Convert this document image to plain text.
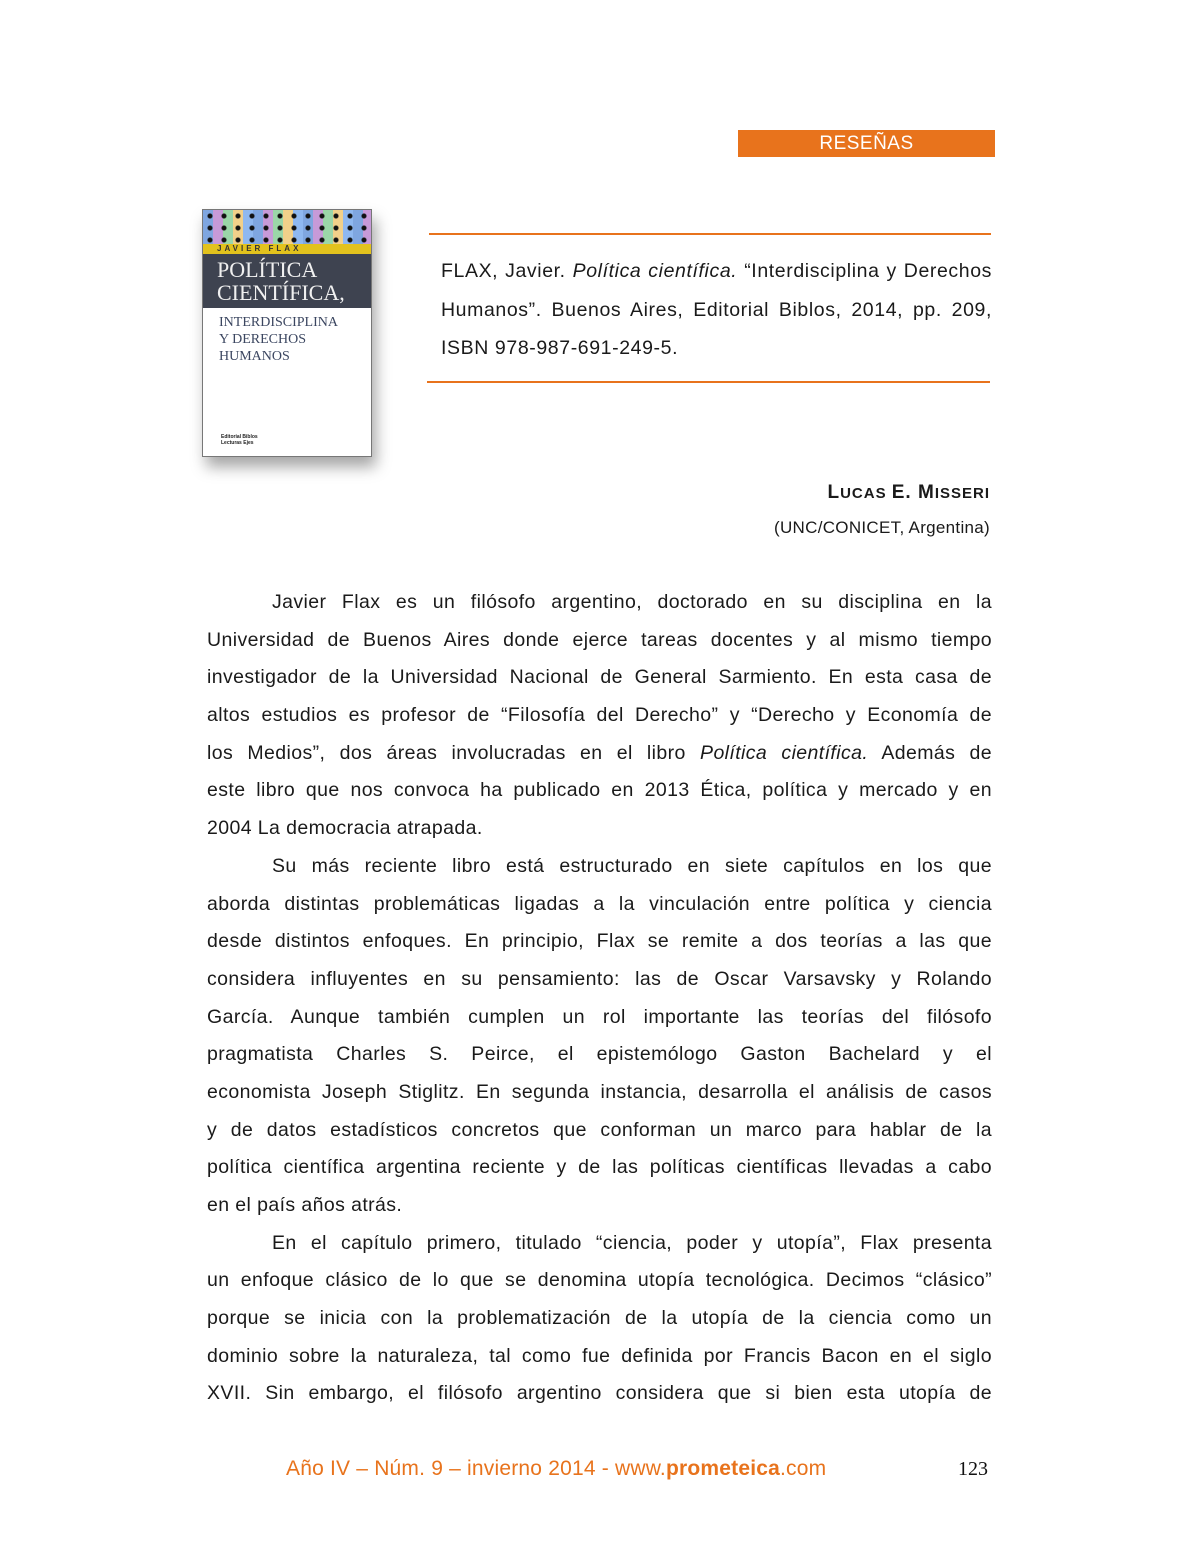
RESEÑAS
JAVIER FLAX
POLÍTICA
CIENTÍFICA,
INTERDISCIPLINA
Y DERECHOS
HUMANOS
Editorial Biblos
Lecturas Ejes
FLAX, Javier. Política científica. “Interdisciplina y Derechos Humanos”. Buenos Aires, Editorial Biblos, 2014, pp. 209, ISBN 978-987-691-249-5.
LUCAS E. MISSERI
(UNC/CONICET, Argentina)
Javier Flax es un filósofo argentino, doctorado en su disciplina en la
Universidad de Buenos Aires donde ejerce tareas docentes y al mismo tiempo
investigador de la Universidad Nacional de General Sarmiento. En esta casa de
altos estudios es profesor de “Filosofía del Derecho” y “Derecho y Economía de
los Medios”, dos áreas involucradas en el libro Política científica. Además de
este libro que nos convoca ha publicado en 2013 Ética, política y mercado y en
2004 La democracia atrapada.
Su más reciente libro está estructurado en siete capítulos en los que
aborda distintas problemáticas ligadas a la vinculación entre política y ciencia
desde distintos enfoques. En principio, Flax se remite a dos teorías a las que
considera influyentes en su pensamiento: las de Oscar Varsavsky y Rolando
García. Aunque también cumplen un rol importante las teorías del filósofo
pragmatista Charles S. Peirce, el epistemólogo Gaston Bachelard y el
economista Joseph Stiglitz. En segunda instancia, desarrolla el análisis de casos
y de datos estadísticos concretos que conforman un marco para hablar de la
política científica argentina reciente y de las políticas científicas llevadas a cabo
en el país años atrás.
En el capítulo primero, titulado “ciencia, poder y utopía”, Flax presenta
un enfoque clásico de lo que se denomina utopía tecnológica. Decimos “clásico”
porque se inicia con la problematización de la utopía de la ciencia como un
dominio sobre la naturaleza, tal como fue definida por Francis Bacon en el siglo
XVII. Sin embargo, el filósofo argentino considera que si bien esta utopía de
Año IV – Núm. 9 – invierno 2014 - www.prometeica.com	123
